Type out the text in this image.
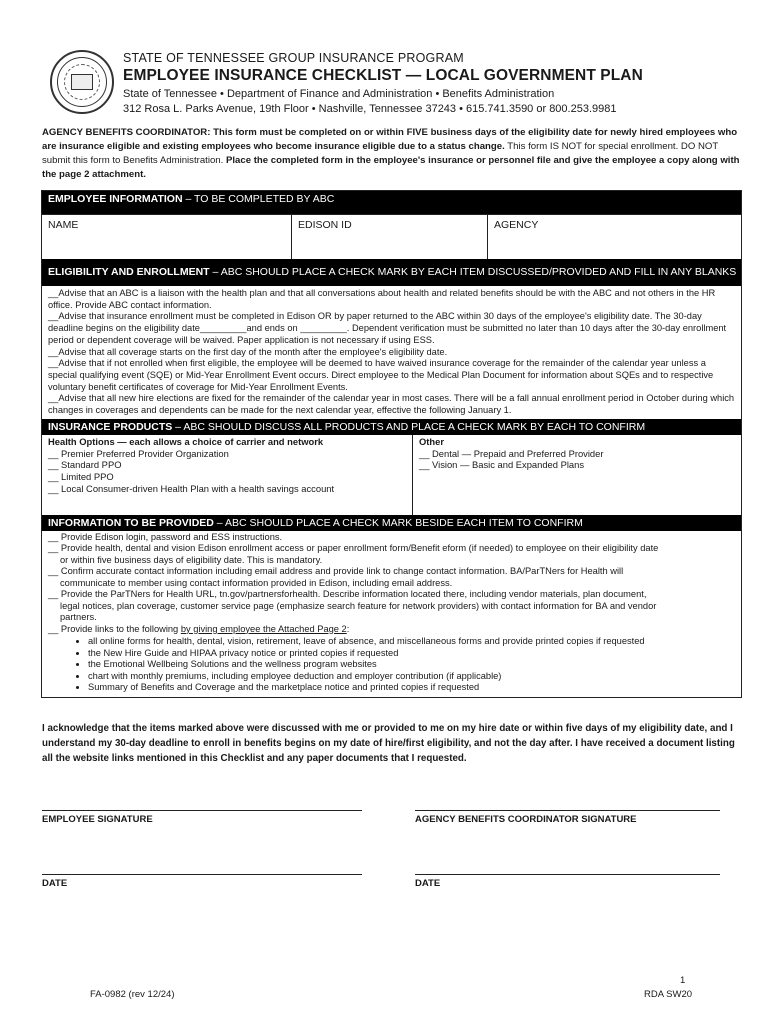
STATE OF TENNESSEE GROUP INSURANCE PROGRAM
EMPLOYEE INSURANCE CHECKLIST — LOCAL GOVERNMENT PLAN
State of Tennessee • Department of Finance and Administration • Benefits Administration
312 Rosa L. Parks Avenue, 19th Floor • Nashville, Tennessee 37243 • 615.741.3590 or 800.253.9981
AGENCY BENEFITS COORDINATOR: This form must be completed on or within FIVE business days of the eligibility date for newly hired employees who are insurance eligible and existing employees who become insurance eligible due to a status change. This form IS NOT for special enrollment. DO NOT submit this form to Benefits Administration. Place the completed form in the employee's insurance or personnel file and give the employee a copy along with the page 2 attachment.
EMPLOYEE INFORMATION – TO BE COMPLETED BY ABC
NAME	EDISON ID	AGENCY
ELIGIBILITY AND ENROLLMENT – ABC SHOULD PLACE A CHECK MARK BY EACH ITEM DISCUSSED/PROVIDED AND FILL IN ANY BLANKS

__Advise that an ABC is a liaison with the health plan and that all conversations about health and related benefits should be with the ABC and not others in the HR office. Provide ABC contact information.

__Advise that insurance enrollment must be completed in Edison OR by paper returned to the ABC within 30 days of the employee's eligibility date. The 30-day deadline begins on the eligibility date_________and ends on _________. Dependent verification must be submitted no later than 10 days after the 30-day enrollment period or dependent coverage will be waived. Paper application is not necessary if using ESS.

__Advise that all coverage starts on the first day of the month after the employee's eligibility date.

__Advise that if not enrolled when first eligible, the employee will be deemed to have waived insurance coverage for the remainder of the calendar year unless a special qualifying event (SQE) or Mid-Year Enrollment Event occurs. Direct employee to the Medical Plan Document for information about SQEs and to respective voluntary benefit certificates of coverage for Mid-Year Enrollment Events.

__Advise that all new hire elections are fixed for the remainder of the calendar year in most cases. There will be a fall annual enrollment period in October during which changes in coverages and dependents can be made for the next calendar year, effective the following January 1.

INSURANCE PRODUCTS – ABC SHOULD DISCUSS ALL PRODUCTS AND PLACE A CHECK MARK BY EACH TO CONFIRM
Health Options — each allows a choice of carrier and network
__ Premier Preferred Provider Organization
__ Standard PPO
__ Limited PPO
__ Local Consumer-driven Health Plan with a health savings account
Other
__ Dental — Prepaid and Preferred Provider
__ Vision — Basic and Expanded Plans
INFORMATION TO BE PROVIDED – ABC SHOULD PLACE A CHECK MARK BESIDE EACH ITEM TO CONFIRM

__ Provide Edison login, password and ESS instructions.

__ Provide health, dental and vision Edison enrollment access or paper enrollment form/Benefit eform (if needed) to employee on their eligibility date

or within five business days of eligibility date. This is mandatory.

__ Confirm accurate contact information including email address and provide link to change contact information. BA/ParTNers for Health will

communicate to member using contact information provided in Edison, including email address.

__ Provide the ParTNers for Health URL, tn.gov/partnersforhealth. Describe information located there, including vendor materials, plan document,

legal notices, plan coverage, customer service page (emphasize search feature for network providers) with contact information for BA and vendor

partners.

__ Provide links to the following by giving employee the Attached Page 2:

• all online forms for health, dental, vision, retirement, leave of absence, and miscellaneous forms and provide printed copies if requested
• the New Hire Guide and HIPAA privacy notice or printed copies if requested
• the Emotional Wellbeing Solutions and the wellness program websites
• chart with monthly premiums, including employee deduction and employer contribution (if applicable)
• Summary of Benefits and Coverage and the marketplace notice and printed copies if requested
I acknowledge that the items marked above were discussed with me or provided to me on my hire date or within five days of my eligibility date, and I understand my 30-day deadline to enroll in benefits begins on my date of hire/first eligibility, and not the day after. I have received a document listing all the website links mentioned in this Checklist and any paper documents that I requested.
EMPLOYEE SIGNATURE	AGENCY BENEFITS COORDINATOR SIGNATURE
DATE	DATE
FA-0982 (rev 12/24)
1
RDA SW20
